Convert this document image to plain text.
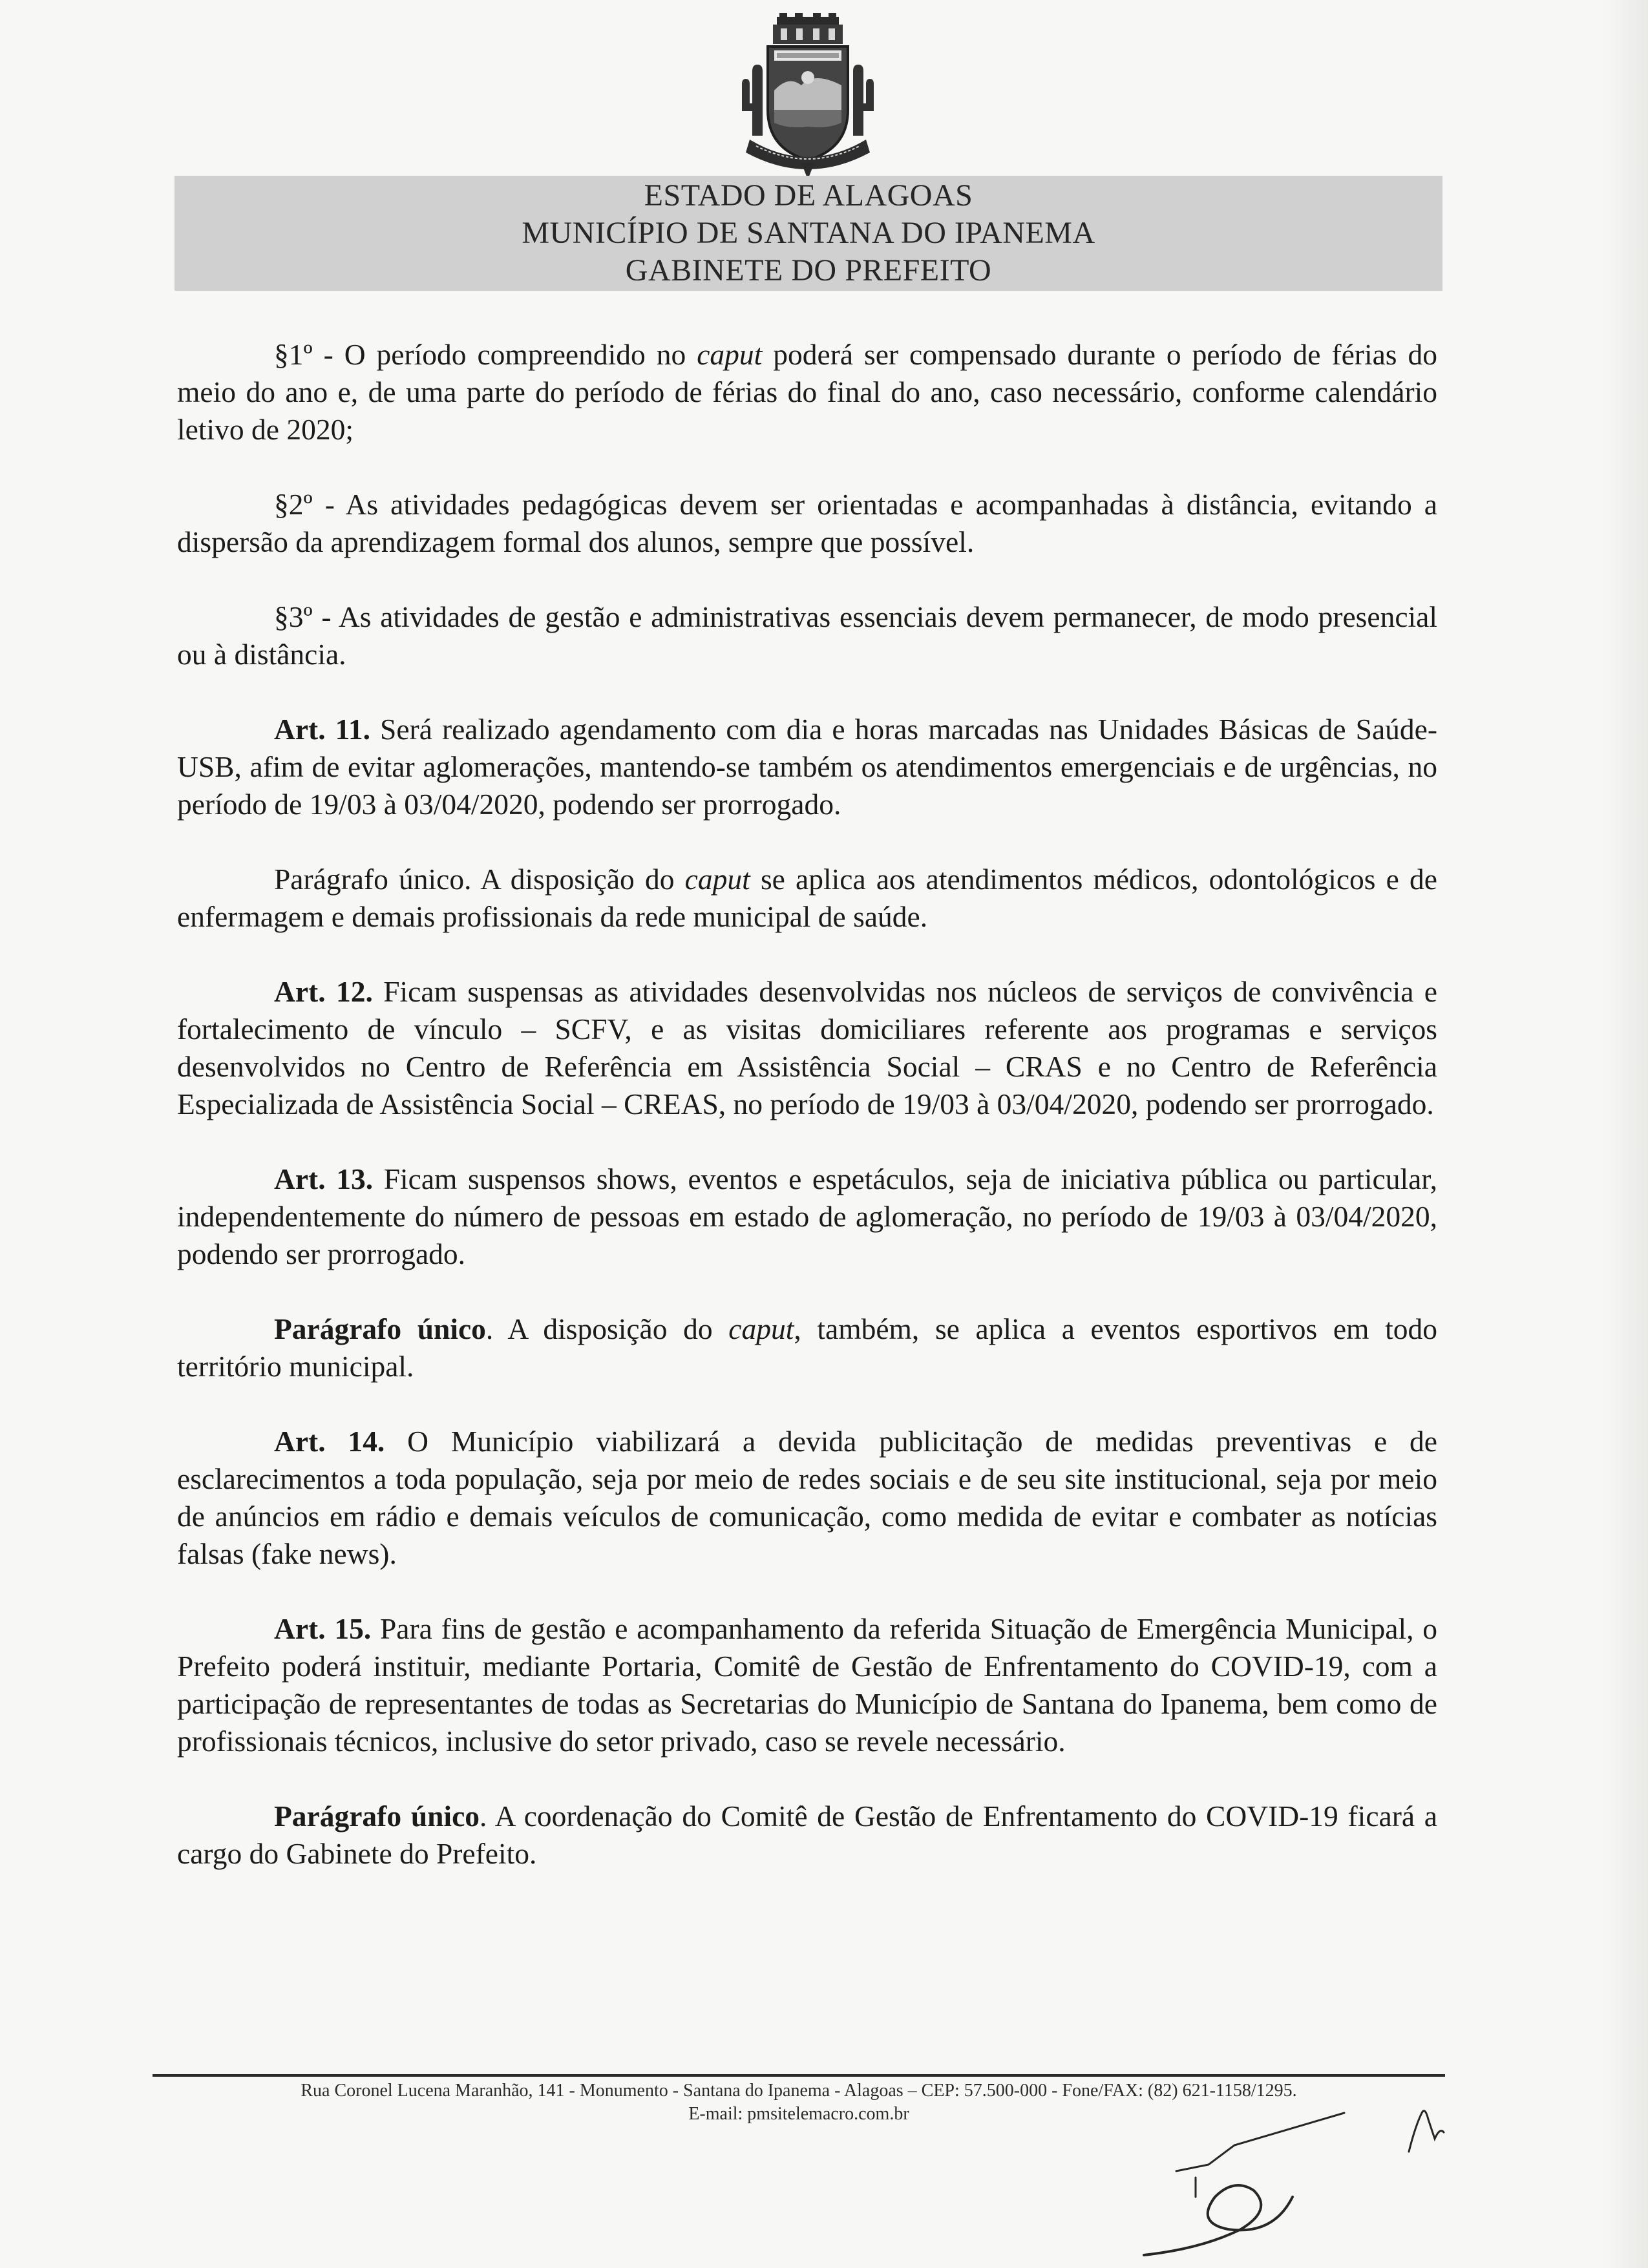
ESTADO DE ALAGOAS
MUNICÍPIO DE SANTANA DO IPANEMA
GABINETE DO PREFEITO

§1º - O período compreendido no caput poderá ser compensado durante o período de férias do meio do ano e, de uma parte do período de férias do final do ano, caso necessário, conforme calendário letivo de 2020;

§2º - As atividades pedagógicas devem ser orientadas e acompanhadas à distância, evitando a dispersão da aprendizagem formal dos alunos, sempre que possível.

§3º - As atividades de gestão e administrativas essenciais devem permanecer, de modo presencial ou à distância.

Art. 11. Será realizado agendamento com dia e horas marcadas nas Unidades Básicas de Saúde- USB, afim de evitar aglomerações, mantendo-se também os atendimentos emergenciais e de urgências, no período de 19/03 à 03/04/2020, podendo ser prorrogado.

Parágrafo único. A disposição do caput se aplica aos atendimentos médicos, odontológicos e de enfermagem e demais profissionais da rede municipal de saúde.

Art. 12. Ficam suspensas as atividades desenvolvidas nos núcleos de serviços de convivência e fortalecimento de vínculo – SCFV, e as visitas domiciliares referente aos programas e serviços desenvolvidos no Centro de Referência em Assistência Social – CRAS e no Centro de Referência Especializada de Assistência Social – CREAS, no período de 19/03 à 03/04/2020, podendo ser prorrogado.

Art. 13. Ficam suspensos shows, eventos e espetáculos, seja de iniciativa pública ou particular, independentemente do número de pessoas em estado de aglomeração, no período de 19/03 à 03/04/2020, podendo ser prorrogado.

Parágrafo único. A disposição do caput, também, se aplica a eventos esportivos em todo território municipal.

Art. 14. O Município viabilizará a devida publicitação de medidas preventivas e de esclarecimentos a toda população, seja por meio de redes sociais e de seu site institucional, seja por meio de anúncios em rádio e demais veículos de comunicação, como medida de evitar e combater as notícias falsas (fake news).

Art. 15. Para fins de gestão e acompanhamento da referida Situação de Emergência Municipal, o Prefeito poderá instituir, mediante Portaria, Comitê de Gestão de Enfrentamento do COVID-19, com a participação de representantes de todas as Secretarias do Município de Santana do Ipanema, bem como de profissionais técnicos, inclusive do setor privado, caso se revele necessário.

Parágrafo único. A coordenação do Comitê de Gestão de Enfrentamento do COVID-19 ficará a cargo do Gabinete do Prefeito.

Rua Coronel Lucena Maranhão, 141 - Monumento - Santana do Ipanema - Alagoas – CEP: 57.500-000 - Fone/FAX: (82) 621-1158/1295.
E-mail: pmsitelemacro.com.br
